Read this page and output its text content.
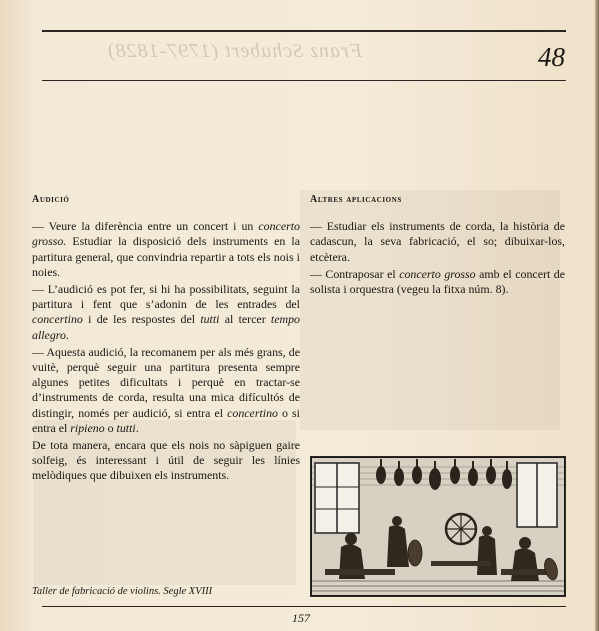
Franz Schubert (1797-1828)	48
Audició

— Veure la diferència entre un concert i un concerto grosso. Estudiar la disposició dels instruments en la partitura general, que convindria repartir a tots els nois i noies.

— L’audició es pot fer, si hi ha possibilitats, seguint la partitura i fent que s’adonin de les entrades del concertino i de les respostes del tutti al tercer tempo allegro.

— Aquesta audició, la recomanem per als més grans, de vuitè, perquè seguir una partitura presenta sempre algunes petites dificultats i perquè en tractar-se d’instruments de corda, resulta una mica difícultós de distingir, només per audició, si entra el concertino o si entra el ripieno o tutti.

De tota manera, encara que els nois no sàpiguen gaire solfeig, és interessant i útil de seguir les línies melòdiques que dibuixen els instruments.

Altres aplicacions

— Estudiar els instruments de corda, la història de cadascun, la seva fabricació, el so; dibuixar-los, etcètera.

— Contraposar el concerto grosso amb el concert de solista i orquestra (vegeu la fitxa núm. 8).

Taller de fabricació de violins. Segle XVIII
157
